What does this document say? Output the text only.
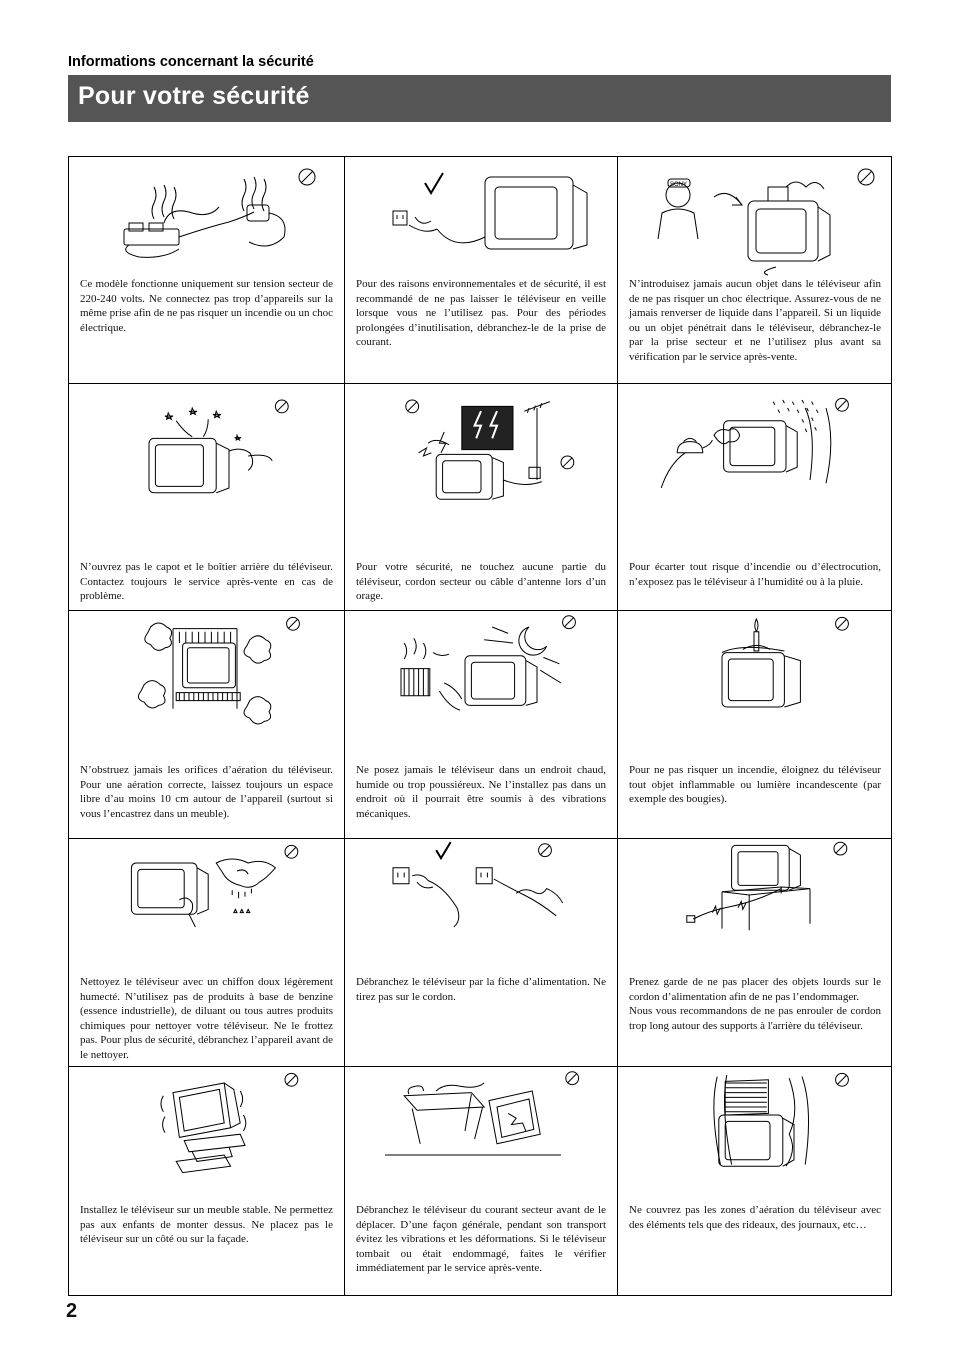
Informations concernant la sécurité
Pour votre sécurité
Ce modèle fonctionne uniquement sur tension secteur de 220-240 volts. Ne connectez pas trop d’appareils sur la même prise afin de ne pas risquer un incendie ou un choc électrique.
Pour des raisons environnementales et de sécurité, il est recommandé de ne pas laisser le téléviseur en veille lorsque vous ne l’utilisez pas. Pour des périodes prolongées d’inutilisation, débranchez-le de la prise de courant.
SONY
N’introduisez jamais aucun objet dans le téléviseur afin de ne pas risquer un choc électrique. Assurez-vous de ne jamais renverser de liquide dans l’appareil. Si un liquide ou un objet pénétrait dans le téléviseur, débranchez-le par la prise secteur et ne l’utilisez plus avant sa vérification par le service après-vente.
N’ouvrez pas le capot et le boîtier arrière du téléviseur. Contactez toujours le service après-vente en cas de problème.
Pour votre sécurité, ne touchez aucune partie du téléviseur, cordon secteur ou câble d’antenne lors d’un orage.
Pour écarter tout risque d’incendie ou d’électrocution, n’exposez pas le téléviseur à l’humidité ou à la pluie.
N’obstruez jamais les orifices d’aération du téléviseur. Pour une aération correcte, laissez toujours un espace libre d’au moins 10 cm autour de l’appareil (surtout si vous l’encastrez dans un meuble).
Ne posez jamais le téléviseur dans un endroit chaud, humide ou trop poussiéreux. Ne l’installez pas dans un endroit où il pourrait être soumis à des vibrations mécaniques.
Pour ne pas risquer un incendie, éloignez du téléviseur tout objet inflammable ou lumière incandescente (par exemple des bougies).
Nettoyez le téléviseur avec un chiffon doux légèrement humecté. N’utilisez pas de produits à base de benzine (essence industrielle), de diluant ou tous autres produits chimiques pour nettoyer votre téléviseur. Ne le frottez pas. Pour plus de sécurité, débranchez l’appareil avant de le nettoyer.
Débranchez le téléviseur par la fiche d’alimentation. Ne tirez pas sur le cordon.
Prenez garde de ne pas placer des objets lourds sur le cordon d’alimentation afin de ne pas l’endommager.
Nous vous recommandons de ne pas enrouler de cordon trop long autour des supports à l'arrière du téléviseur.
Installez le téléviseur sur un meuble stable. Ne permettez pas aux enfants de monter dessus. Ne placez pas le téléviseur sur un côté ou sur la façade.
Débranchez le téléviseur du courant secteur avant de le déplacer. D’une façon générale, pendant son transport évitez les vibrations et les déformations. Si le téléviseur tombait ou était endommagé, faites le vérifier immédiatement par le service après-vente.
Ne couvrez pas les zones d’aération du téléviseur avec des éléments tels que des rideaux, des journaux, etc…
2
